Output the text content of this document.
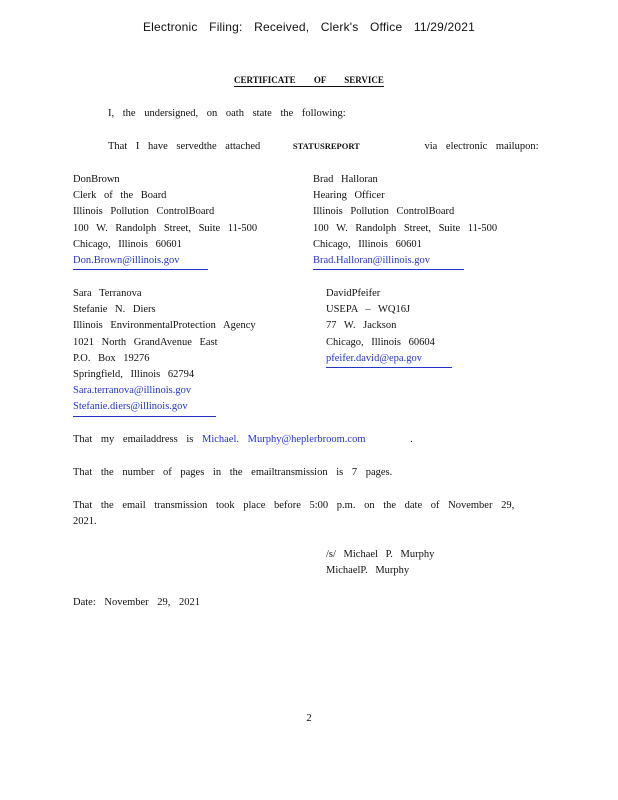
Electronic Filing: Received, Clerk's Office 11/29/2021
CERTIFICATE OF SERVICE
I, the undersigned, on oath state the following:
That I have servedthe attached	STATUSREPORT	via electronic mailupon:
DonBrown
Clerk of the Board
Illinois Pollution ControlBoard
100 W. Randolph Street, Suite 11-500
Chicago, Illinois 60601
Don.Brown@illinois.gov
Brad Halloran
Hearing Officer
Illinois Pollution ControlBoard
100 W. Randolph Street, Suite 11-500
Chicago, Illinois 60601
Brad.Halloran@illinois.gov
Sara Terranova
Stefanie N. Diers
Illinois EnvironmentalProtection Agency
1021 North GrandAvenue East
P.O. Box 19276
Springfield, Illinois 62794
Sara.terranova@illinois.gov
Stefanie.diers@illinois.gov
DavidPfeifer
USEPA – WQ16J
77 W. Jackson
Chicago, Illinois 60604
pfeifer.david@epa.gov
That my emailaddress is Michael. Murphy@heplerbroom.com	.
That the number of pages in the emailtransmission is 7 pages.
That the email transmission took place before 5:00 p.m. on the date of November 29, 2021.
/s/ Michael P. Murphy
MichaelP. Murphy
Date: November 29, 2021
2
